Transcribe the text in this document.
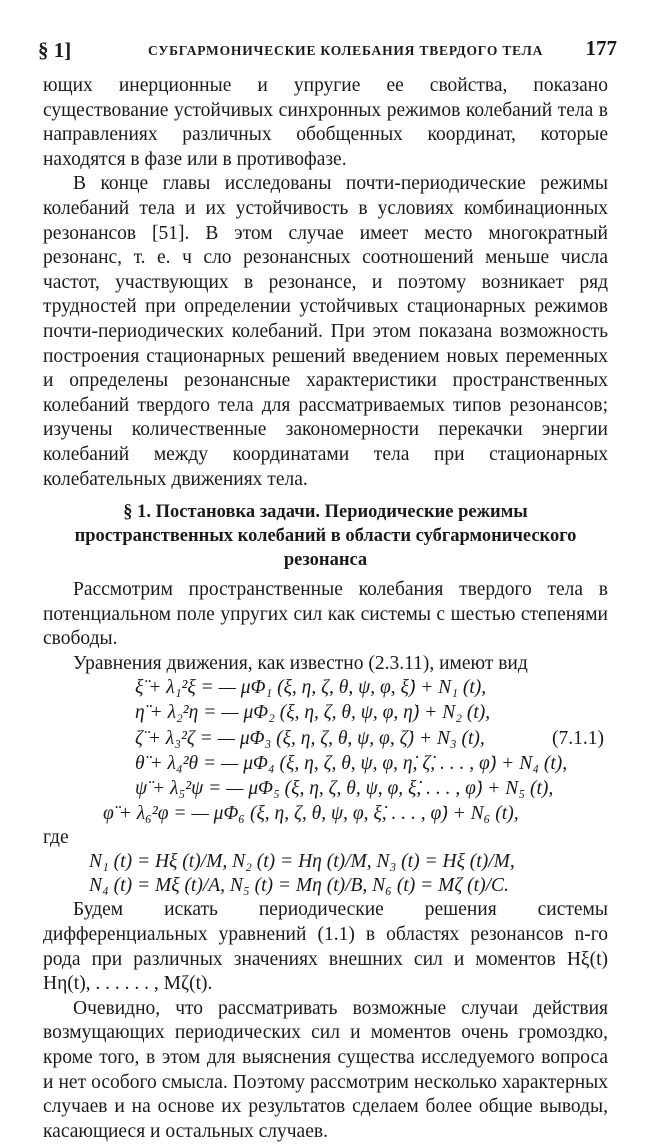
§ 1]	СУБГАРМОНИЧЕСКИЕ КОЛЕБАНИЯ ТВЕРДОГО ТЕЛА 177

ющих инерционные и упругие ее свойства, показано существование устойчивых синхронных режимов колебаний тела в направлениях различных обобщенных координат, которые находятся в фазе или в противофазе.

В конце главы исследованы почти-периодические режимы колебаний тела и их устойчивость в условиях комбинационных резонансов [51]. В этом случае имеет место многократный резонанс, т. е. ч сло резонансных соотношений меньше числа частот, участвующих в резонансе, и поэтому возникает ряд трудностей при определении устойчивых стационарных режимов почти-периодических колебаний. При этом показана возможность построения стационарных решений введением новых переменных и определены резонансные характеристики пространственных колебаний твердого тела для рассматриваемых типов резонансов; изучены количественные закономерности перекачки энергии колебаний между координатами тела при стационарных колебательных движениях тела.

§ 1. Постановка задачи. Периодические режимы пространственных колебаний в области субгармонического резонанса

Рассмотрим пространственные колебания твердого тела в потенциальном поле упругих сил как системы с шестью степенями свободы.

Уравнения движения, как известно (2.3.11), имеют вид

ξ̈ + λ₁²ξ = — μΦ₁ (ξ, η, ζ, θ, ψ, φ, ξ̇) + N₁ (t),
η̈ + λ₂²η = — μΦ₂ (ξ, η, ζ, θ, ψ, φ, η̇) + N₂ (t),
ζ̈ + λ₃²ζ = — μΦ₃ (ξ, η, ζ, θ, ψ, φ, ζ̇) + N₃ (t),
θ̈ + λ₄²θ = — μΦ₄ (ξ, η, ζ, θ, ψ, φ, η̇, ζ̇, . . . , φ̇) + N₄ (t),
ψ̈ + λ₅²ψ = — μΦ₅ (ξ, η, ζ, θ, ψ, φ, ξ̇, . . . , φ̇) + N₅ (t),
φ̈ + λ₆²φ = — μΦ₆ (ξ, η, ζ, θ, ψ, φ, ξ̇, . . . , φ̇) + N₆ (t),
(7.1.1)

где

N₁ (t) = Hξ (t)/M, N₂ (t) = Hη (t)/M, N₃ (t) = Hξ (t)/M,
N₄ (t) = Mξ (t)/A, N₅ (t) = Mη (t)/B, N₆ (t) = Mζ (t)/C.

Будем искать периодические решения системы дифференциальных уравнений (1.1) в областях резонансов n-го рода при различных значениях внешних сил и моментов Hξ(t) Hη(t), . . . . . . , Mζ(t).

Очевидно, что рассматривать возможные случаи действия возмущающих периодических сил и моментов очень громоздко, кроме того, в этом для выяснения существа исследуемого вопроса и нет особого смысла. Поэтому рассмотрим несколько характерных случаев и на основе их результатов сделаем более общие выводы, касающиеся и остальных случаев.
